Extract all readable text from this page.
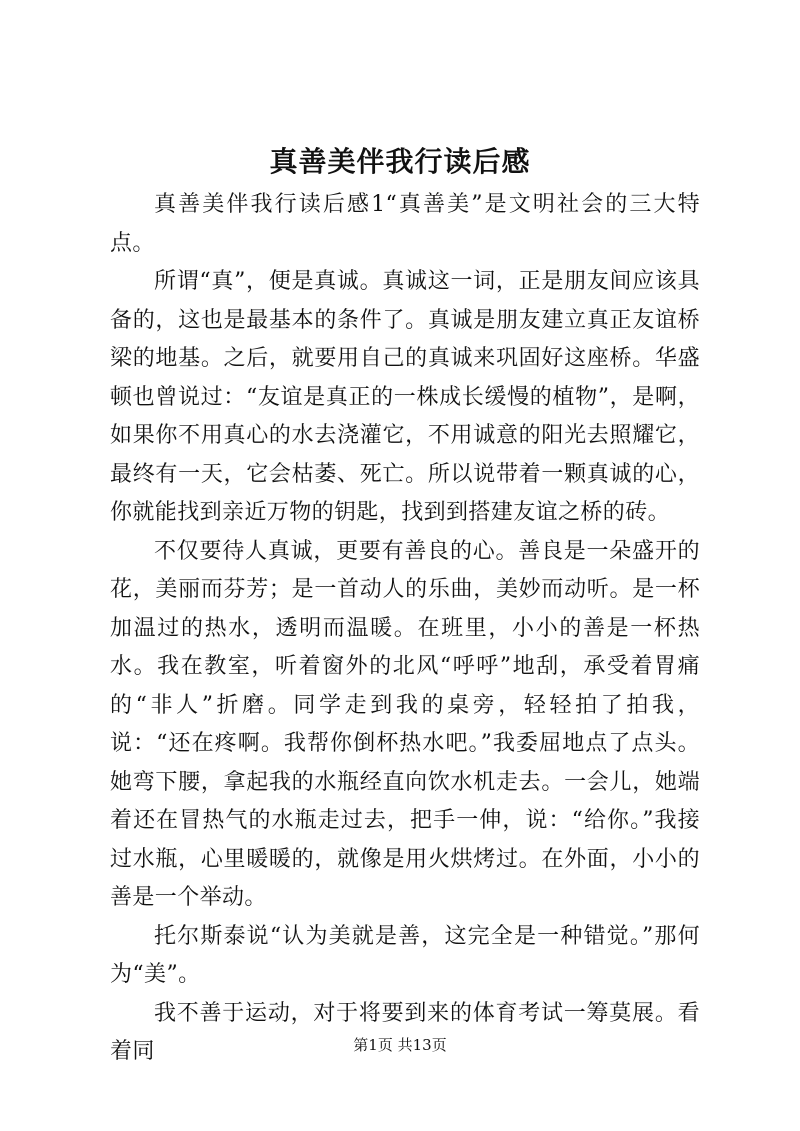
真善美伴我行读后感

真善美伴我行读后感1“真善美”是文明社会的三大特点。

所谓“真”，便是真诚。真诚这一词，正是朋友间应该具备的，这也是最基本的条件了。真诚是朋友建立真正友谊桥梁的地基。之后，就要用自己的真诚来巩固好这座桥。华盛顿也曾说过：“友谊是真正的一株成长缓慢的植物”，是啊，如果你不用真心的水去浇灌它，不用诚意的阳光去照耀它，最终有一天，它会枯萎、死亡。所以说带着一颗真诚的心，你就能找到亲近万物的钥匙，找到到搭建友谊之桥的砖。

不仅要待人真诚，更要有善良的心。善良是一朵盛开的花，美丽而芬芳；是一首动人的乐曲，美妙而动听。是一杯加温过的热水，透明而温暖。在班里，小小的善是一杯热水。我在教室，听着窗外的北风“呼呼”地刮，承受着胃痛的“非人”折磨。同学走到我的桌旁，轻轻拍了拍我，说：“还在疼啊。我帮你倒杯热水吧。”我委屈地点了点头。她弯下腰，拿起我的水瓶经直向饮水机走去。一会儿，她端着还在冒热气的水瓶走过去，把手一伸，说：“给你。”我接过水瓶，心里暖暖的，就像是用火烘烤过。在外面，小小的善是一个举动。

托尔斯泰说“认为美就是善，这完全是一种错觉。”那何为“美”。

我不善于运动，对于将要到来的体育考试一筹莫展。看着同	第1页 共13页
